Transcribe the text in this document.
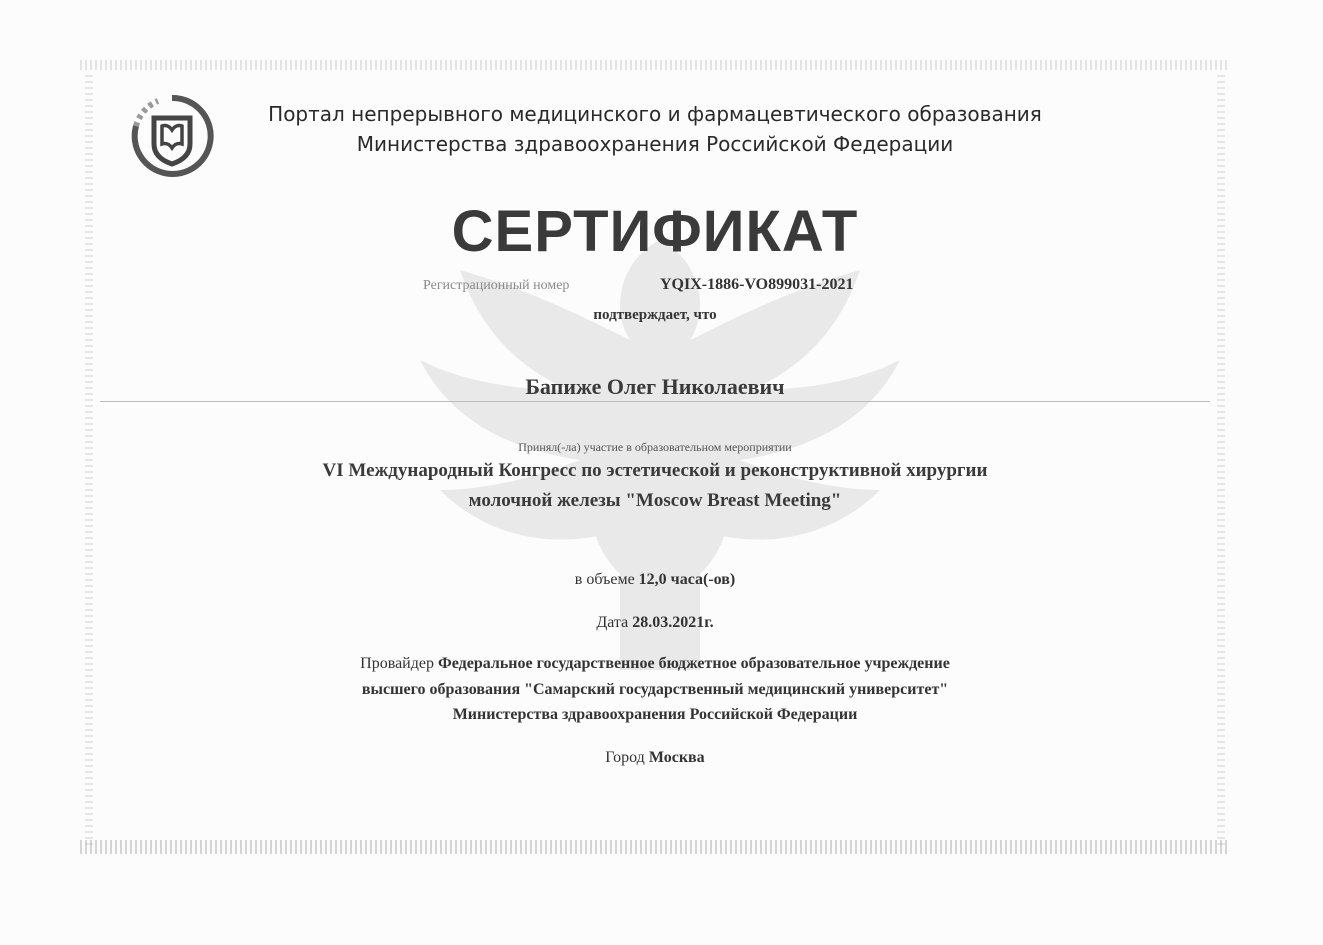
Портал непрерывного медицинского и фармацевтического образования
Министерства здравоохранения Российской Федерации
СЕРТИФИКАТ
Регистрационный номер	YQIX-1886-VO899031-2021
подтверждает, что
Бапиже Олег Николаевич
Принял(-ла) участие в образовательном мероприятии
VI Международный Конгресс по эстетической и реконструктивной хирургии
молочной железы "Moscow Breast Meeting"
в объеме 12,0 часа(-ов)
Дата 28.03.2021г.
Провайдер Федеральное государственное бюджетное образовательное учреждение
высшего образования "Самарский государственный медицинский университет"
Министерства здравоохранения Российской Федерации
Город Москва
